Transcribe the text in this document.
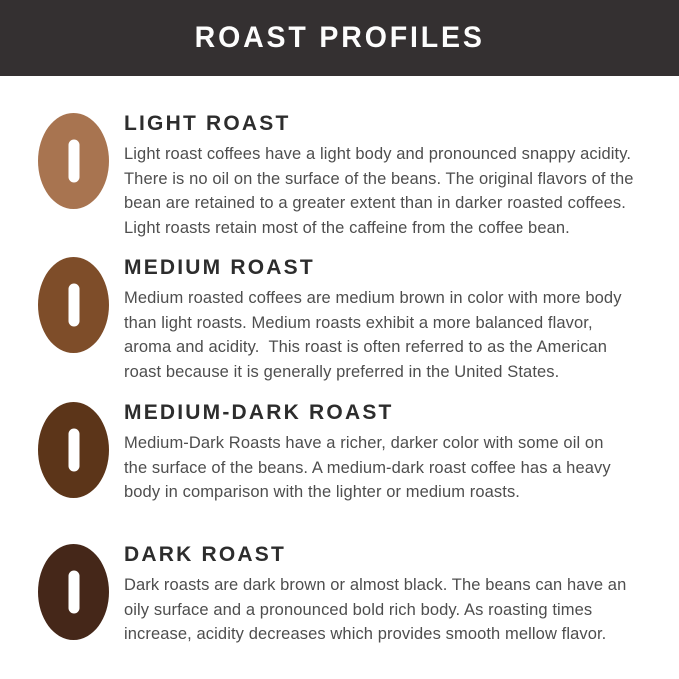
ROAST PROFILES
LIGHT ROAST

Light roast coffees have a light body and pronounced snappy acidity.

There is no oil on the surface of the beans. The original flavors of the

bean are retained to a greater extent than in darker roasted coffees.

Light roasts retain most of the caffeine from the coffee bean.

MEDIUM ROAST

Medium roasted coffees are medium brown in color with more body

than light roasts. Medium roasts exhibit a more balanced flavor,

aroma and acidity.  This roast is often referred to as the American

roast because it is generally preferred in the United States.

MEDIUM-DARK ROAST

Medium-Dark Roasts have a richer, darker color with some oil on

the surface of the beans. A medium-dark roast coffee has a heavy

body in comparison with the lighter or medium roasts.

DARK ROAST

Dark roasts are dark brown or almost black. The beans can have an

oily surface and a pronounced bold rich body. As roasting times

increase, acidity decreases which provides smooth mellow flavor.
